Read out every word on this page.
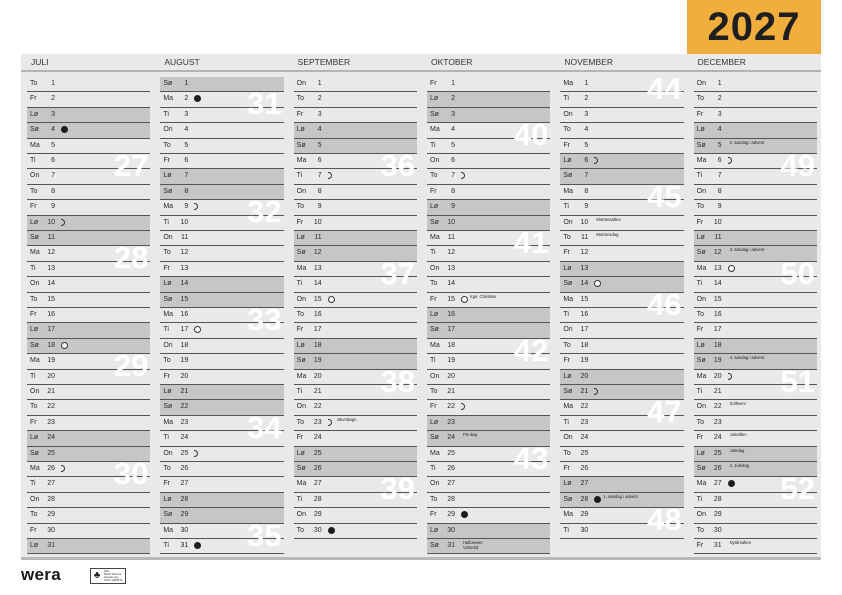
2027
JULI	AUGUST	SEPTEMBER	OKTOBER	NOVEMBER	DECEMBER
To	1
Fr	2
Lø	3
Sø	4
Ma	5
Ti	6
On	7
To	8
Fr	9
Lø	10
Sø	11
Ma	12
Ti	13
On	14
To	15
Fr	16
Lø	17
Sø	18
Ma	19
Ti	20
On	21
To	22
Fr	23
Lø	24
Sø	25
Ma	26
Ti	27
On	28
To	29
Fr	30
Lø	31
27
28
29
30
Sø	1
Ma	2
Ti	3
On	4
To	5
Fr	6
Lø	7
Sø	8
Ma	9
Ti	10
On	11
To	12
Fr	13
Lø	14
Sø	15
Ma	16
Ti	17
On	18
To	19
Fr	20
Lø	21
Sø	22
Ma	23
Ti	24
On	25
To	26
Fr	27
Lø	28
Sø	29
Ma	30
Ti	31
31
32
33
34
35
On	1
To	2
Fr	3
Lø	4
Sø	5
Ma	6
Ti	7
On	8
To	9
Fr	10
Lø	11
Sø	12
Ma	13
Ti	14
On	15
To	16
Fr	17
Lø	18
Sø	19
Ma	20
Ti	21
On	22
To	23	Jævndøgn
Fr	24
Lø	25
Sø	26
Ma	27
Ti	28
On	29
To	30
36
37
38
39
Fr	1
Lø	2
Sø	3
Ma	4
Ti	5
On	6
To	7
Fr	8
Lø	9
Sø	10
Ma	11
Ti	12
On	13
To	14
Fr	15	Kgs. Christian
Lø	16
Sø	17
Ma	18
Ti	19
On	20
To	21
Fr	22
Lø	23
Sø	24 FN-dag
Ma	25
Ti	26
On	27
To	28
Fr	29
Lø	30
Sø	31 Halloween
Vintertid
40
41
42
43
Ma	1
Ti	2
On	3
To	4
Fr	5
Lø	6
Sø	7
Ma	8
Ti	9
On	10 Mortensaften
To	11 Mortensdag
Fr	12
Lø	13
Sø	14
Ma	15
Ti	16
On	17
To	18
Fr	19
Lø	20
Sø	21
Ma	22
Ti	23
On	24
To	25
Fr	26
Lø	27
Sø	28	1. søndag i advent
Ma	29
Ti	30
44
45
46
47
48
On	1
To	2
Fr	3
Lø	4
Sø	5 2. søndag i advent
Ma	6
Ti	7
On	8
To	9
Fr	10
Lø	11
Sø	12 3. søndag i advent
Ma	13
Ti	14
On	15
To	16
Fr	17
Lø	18
Sø	19 4. søndag i advent
Ma	20
Ti	21
On	22 Solhverv
To	23
Fr	24 Juleaften
Lø	25 Juledag
Sø	26 2. Juledag
Ma	27
Ti	28
On	29
To	30
Fr	31 Nytårsaften
49
50
51
52
wera	♣	FSC
Mixed Sources
www.fsc.org
FSC® C018170
